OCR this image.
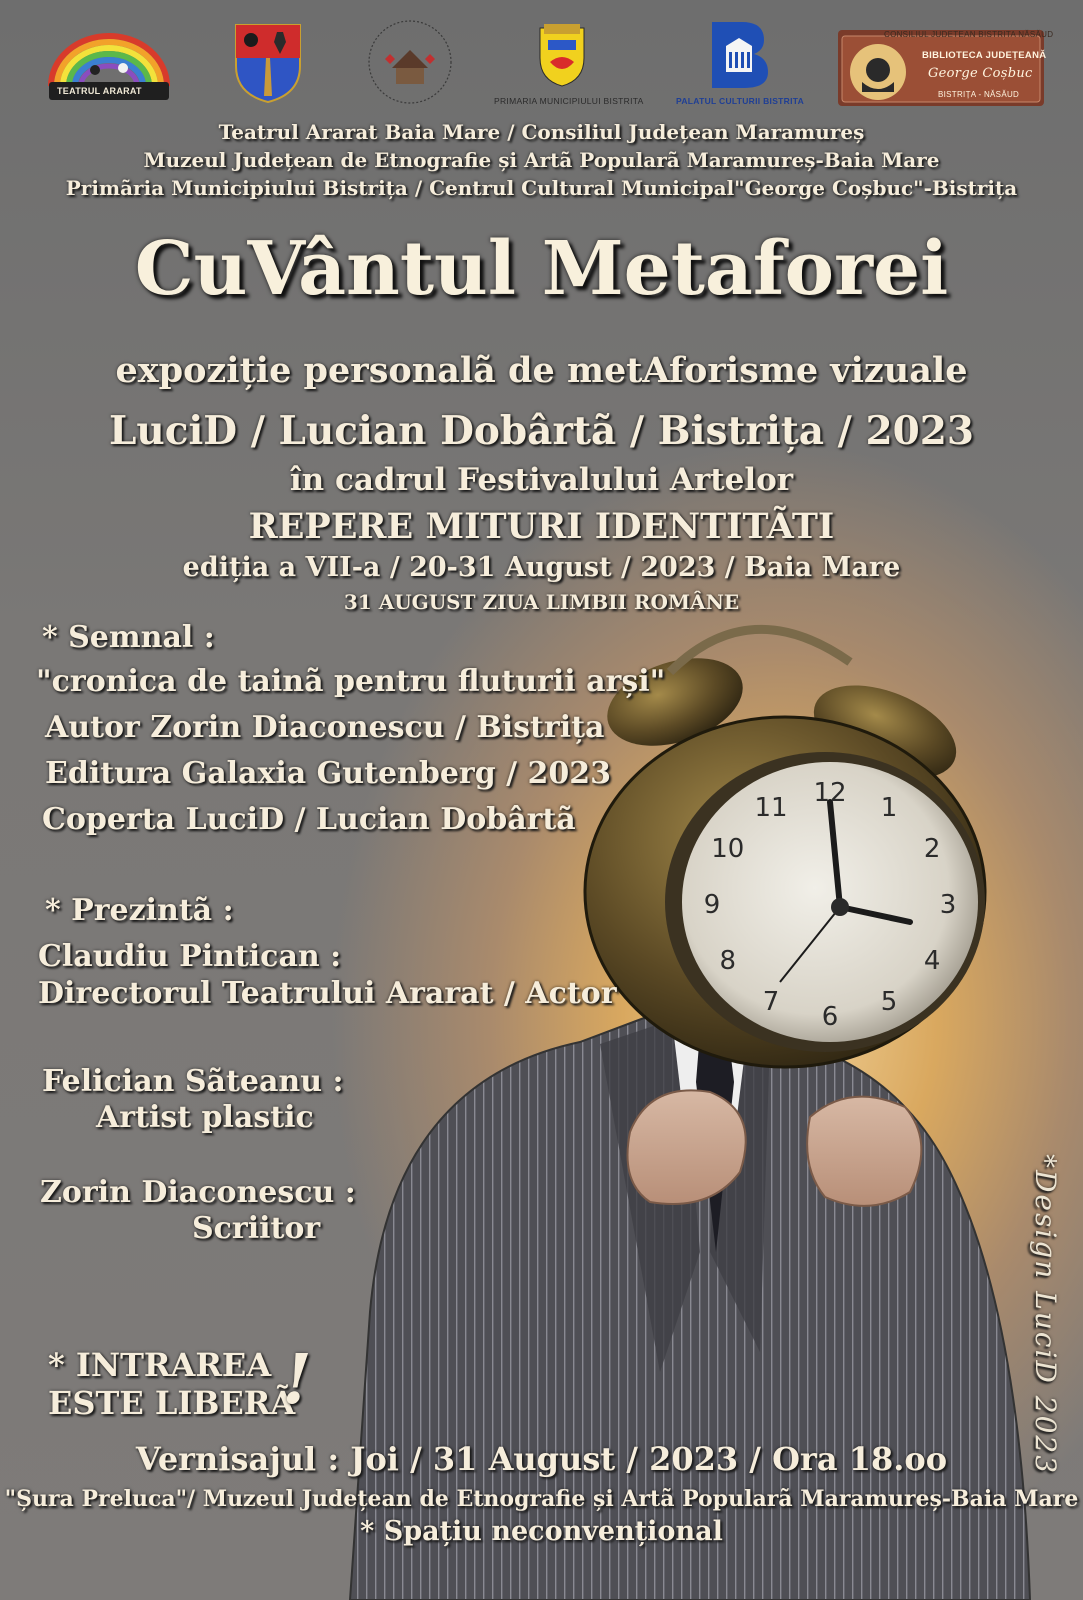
TEATRUL ARARAT
PRIMARIA MUNICIPIULUI BISTRITA	PALATUL CULTURII BISTRITA
CONSILIUL JUDETEAN BISTRITA NĂSĂUD
BIBLIOTECA JUDEȚEANĂ
George Coșbuc
BISTRIȚA - NĂSĂUD

Teatrul Ararat Baia Mare / Consiliul Județean Maramureș

Muzeul Județean de Etnografie și Artã Popularã Maramureș-Baia Mare

Primãria Municipiului Bistrița / Centrul Cultural Municipal"George Coșbuc"-Bistrița

CuVântul Metaforei

expoziție personalã de metAforisme vizuale

LuciD / Lucian Dobârtã / Bistrița / 2023

în cadrul Festivalului Artelor

REPERE MITURI IDENTITÃTI

ediția a VII-a / 20-31 August / 2023 / Baia Mare

31 AUGUST ZIUA LIMBII ROMÂNE

12
1
2
3
4
5
6
7
8
9
10
11

* Semnal :

"cronica de tainã pentru fluturii arși"

Autor Zorin Diaconescu / Bistrița

Editura Galaxia Gutenberg / 2023

Coperta LuciD / Lucian Dobârtã

* Prezintã :

Claudiu Pintican :

Directorul Teatrului Ararat / Actor

Felician Sãteanu :

Artist plastic

Zorin Diaconescu :

Scriitor

* INTRAREA

ESTE LIBERÃ

!	*Design LuciD 2023

Vernisajul : Joi / 31 August / 2023 / Ora 18.oo

"Șura Preluca"/ Muzeul Județean de Etnografie și Artã Popularã Maramureș-Baia Mare

* Spațiu neconvențional
